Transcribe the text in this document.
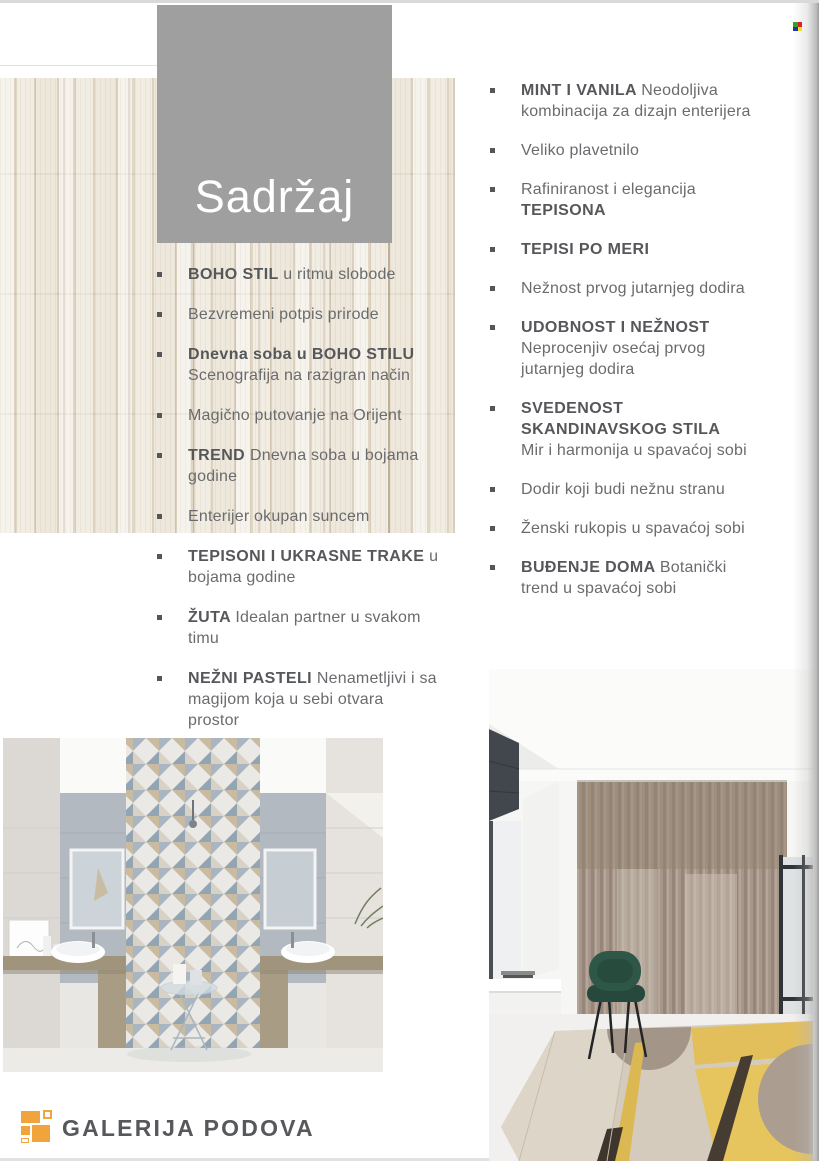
Sadržaj
BOHO STIL u ritmu slobode
Bezvremeni potpis prirode
Dnevna soba u BOHO STILU
Scenografija na razigran način
Magično putovanje na Orijent
TREND Dnevna soba u bojama
godine
Enterijer okupan suncem
TEPISONI I UKRASNE TRAKE u
bojama godine
ŽUTA Idealan partner u svakom
timu
NEŽNI PASTELI Nenametljivi i sa
magijom koja u sebi otvara
prostor
MINT I VANILA Neodoljiva
kombinacija za dizajn enterijera
Veliko plavetnilo
Rafiniranost i elegancija
TEPISONA
TEPISI PO MERI
Nežnost prvog jutarnjeg dodira
UDOBNOST I NEŽNOST
Neprocenjiv osećaj prvog
jutarnjeg dodira
SVEDENOST
SKANDINAVSKOG STILA
Mir i harmonija u spavaćoj sobi
Dodir koji budi nežnu stranu
Ženski rukopis u spavaćoj sobi
BUĐENJE DOMA Botanički
trend u spavaćoj sobi
GALERIJA PODOVA
